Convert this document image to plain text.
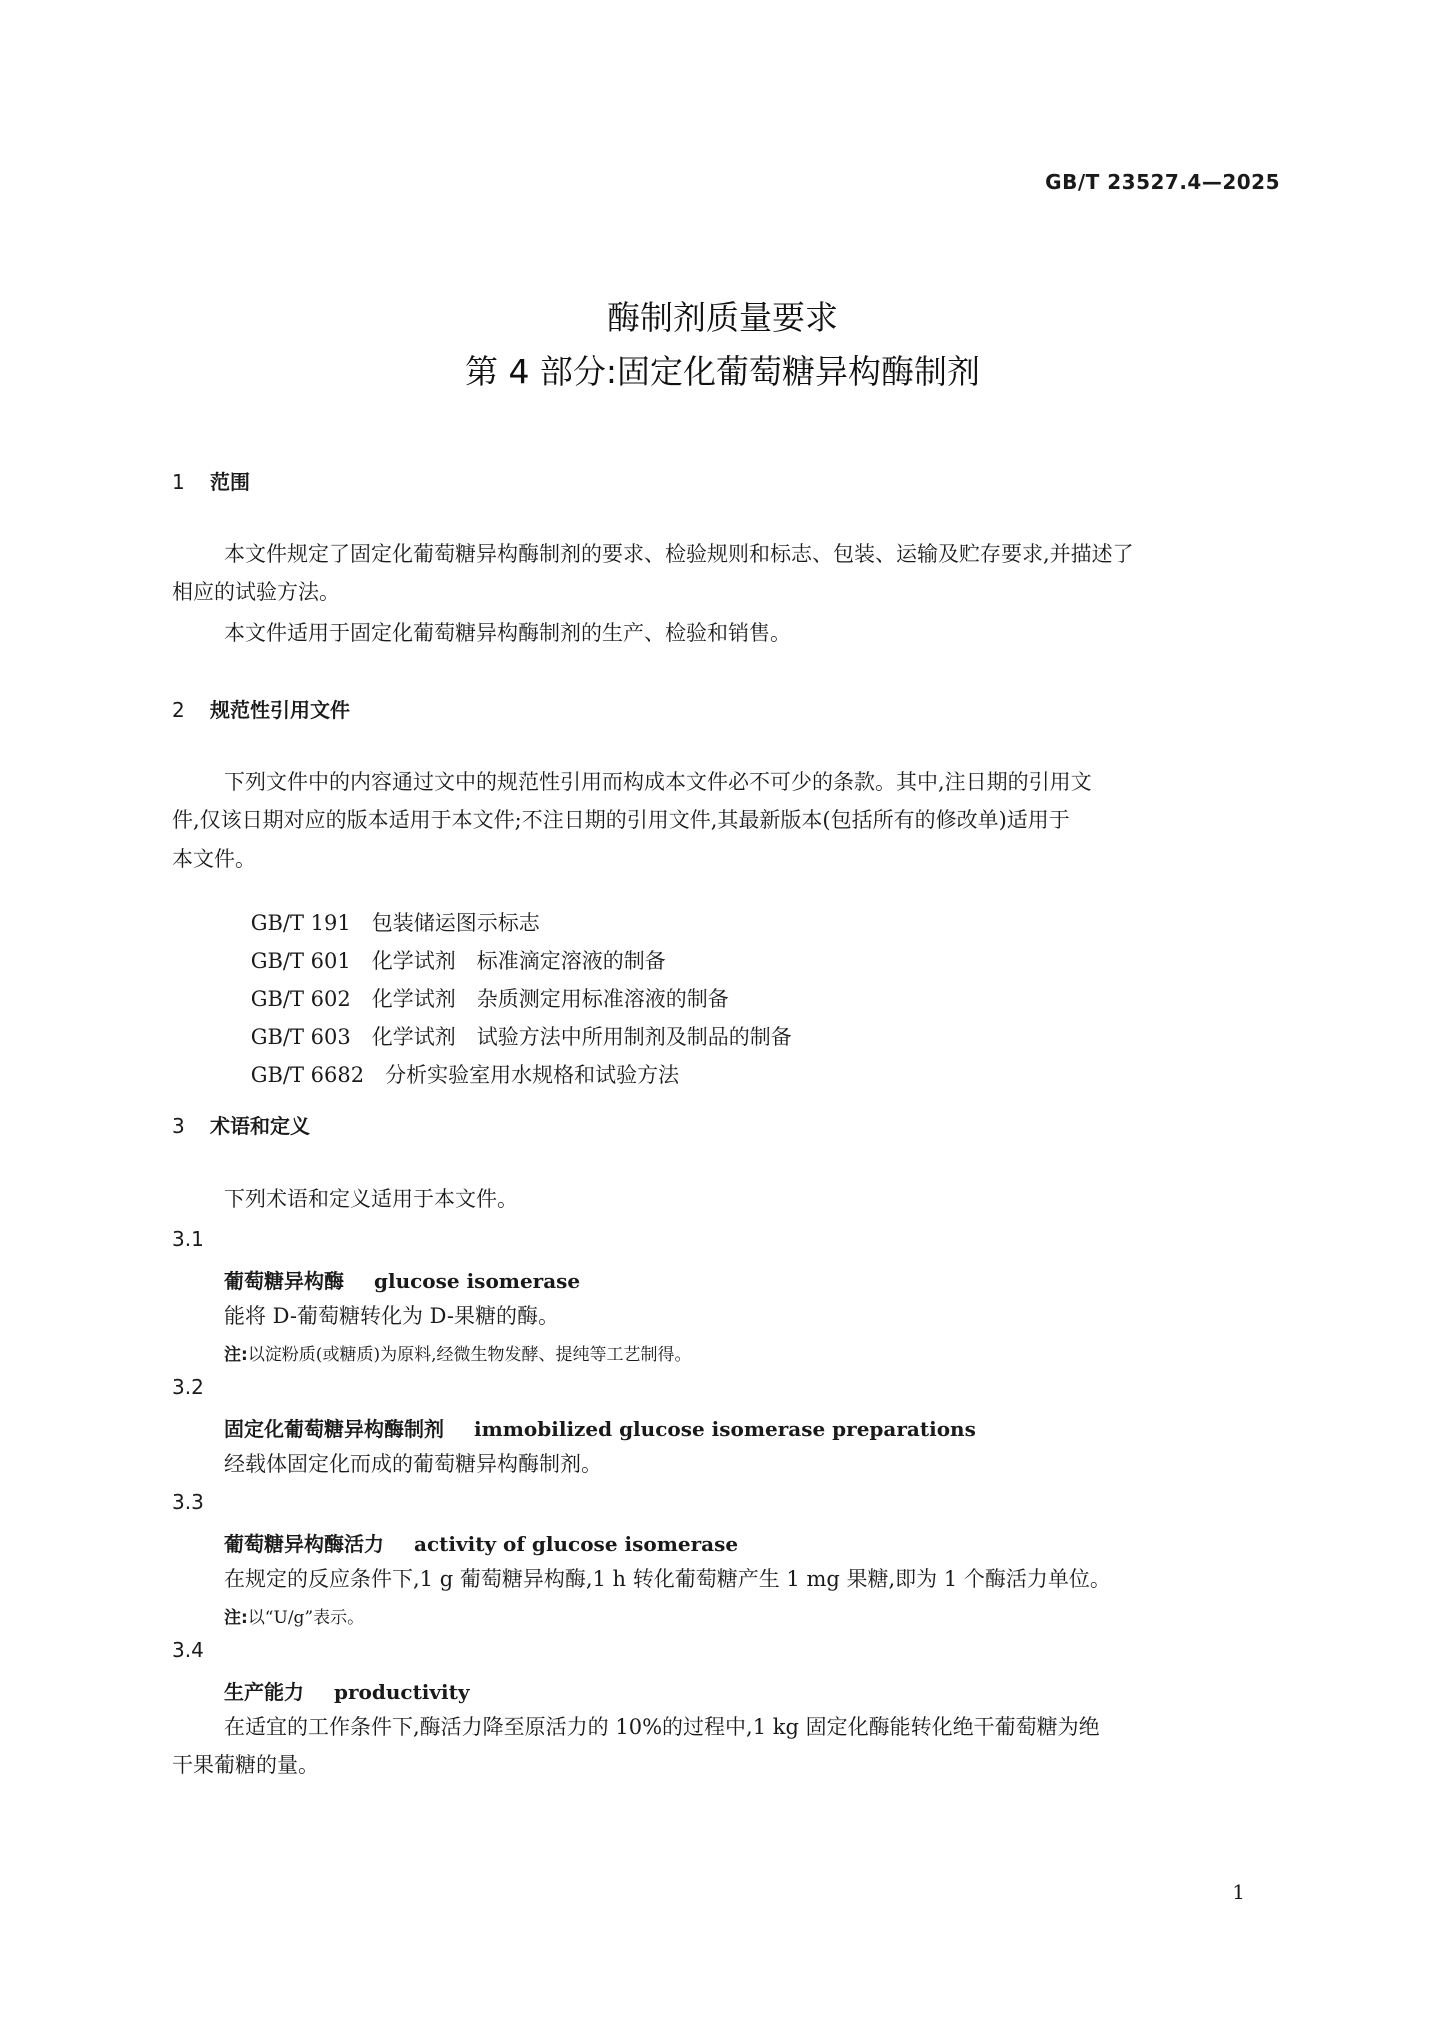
GB/T 23527.4—2025
酶制剂质量要求
第 4 部分:固定化葡萄糖异构酶制剂
1 范围
本文件规定了固定化葡萄糖异构酶制剂的要求、检验规则和标志、包装、运输及贮存要求,并描述了
相应的试验方法。
本文件适用于固定化葡萄糖异构酶制剂的生产、检验和销售。
2 规范性引用文件
下列文件中的内容通过文中的规范性引用而构成本文件必不可少的条款。其中,注日期的引用文
件,仅该日期对应的版本适用于本文件;不注日期的引用文件,其最新版本(包括所有的修改单)适用于
本文件。

GB/T 191　 包装储运图示标志

GB/T 601　 化学试剂　标准滴定溶液的制备

GB/T 602　 化学试剂　杂质测定用标准溶液的制备

GB/T 603　 化学试剂　试验方法中所用制剂及制品的制备

GB/T 6682　 分析实验室用水规格和试验方法

3 术语和定义
下列术语和定义适用于本文件。
3.1
葡萄糖异构酶 glucose isomerase
能将 D-葡萄糖转化为 D-果糖的酶。
注:以淀粉质(或糖质)为原料,经微生物发酵、提纯等工艺制得。
3.2
固定化葡萄糖异构酶制剂 immobilized glucose isomerase preparations
经载体固定化而成的葡萄糖异构酶制剂。
3.3
葡萄糖异构酶活力 activity of glucose isomerase
在规定的反应条件下,1 g 葡萄糖异构酶,1 h 转化葡萄糖产生 1 mg 果糖,即为 1 个酶活力单位。
注:以“U/g”表示。
3.4
生产能力 productivity
在适宜的工作条件下,酶活力降至原活力的 10%的过程中,1 kg 固定化酶能转化绝干葡萄糖为绝
干果葡糖的量。
1
